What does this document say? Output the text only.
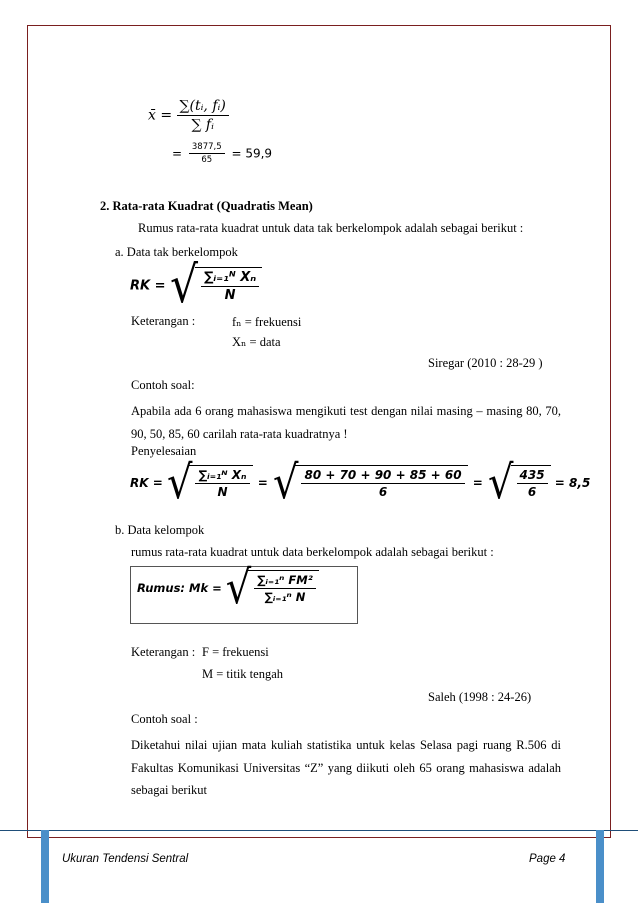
x̄ = $\frac{\text{∑(tᵢ, fᵢ)}}{\text{∑ fᵢ}}$
= $\frac{3877,5}{65} = 59,9$
2. Rata-rata Kuadrat (Quadratis Mean)
Rumus rata-rata kuadrat untuk data tak berkelompok adalah sebagai berikut :
a. Data tak berkelompok
RK = √ $\frac{\text{∑ᵢ₌₁ᴺ Xₙ}}{N}$
Keterangan :	fₙ = frekuensi
Xₙ = data
Siregar (2010 : 28-29 )
Contoh soal:
Apabila ada 6 orang mahasiswa mengikuti test dengan nilai masing – masing 80, 70, 90, 50, 85, 60 carilah rata-rata kuadratnya !
Penyelesaian
RK = √ $\frac{\text{∑ᵢ₌₁ᴺ Xₙ}}{N}$ = √ $\frac{80 + 70 + 90 + 85 + 60}{6}$ = √ $\frac{435}{6} = 8,5$
b. Data kelompok
rumus rata-rata kuadrat untuk data berkelompok adalah sebagai berikut :
Rumus: Mk = √ $\frac{\text{∑ᵢ₌₁ⁿ FM²}}{\text{∑ᵢ₌₁ⁿ N}}$
Keterangan : F = frekuensi
M = titik tengah
Saleh (1998 : 24-26)
Contoh soal :
Diketahui nilai ujian mata kuliah statistika untuk kelas Selasa pagi ruang R.506 di Fakultas Komunikasi Universitas “Z” yang diikuti oleh 65 orang mahasiswa adalah sebagai berikut
Ukuran Tendensi Sentral	Page 4
